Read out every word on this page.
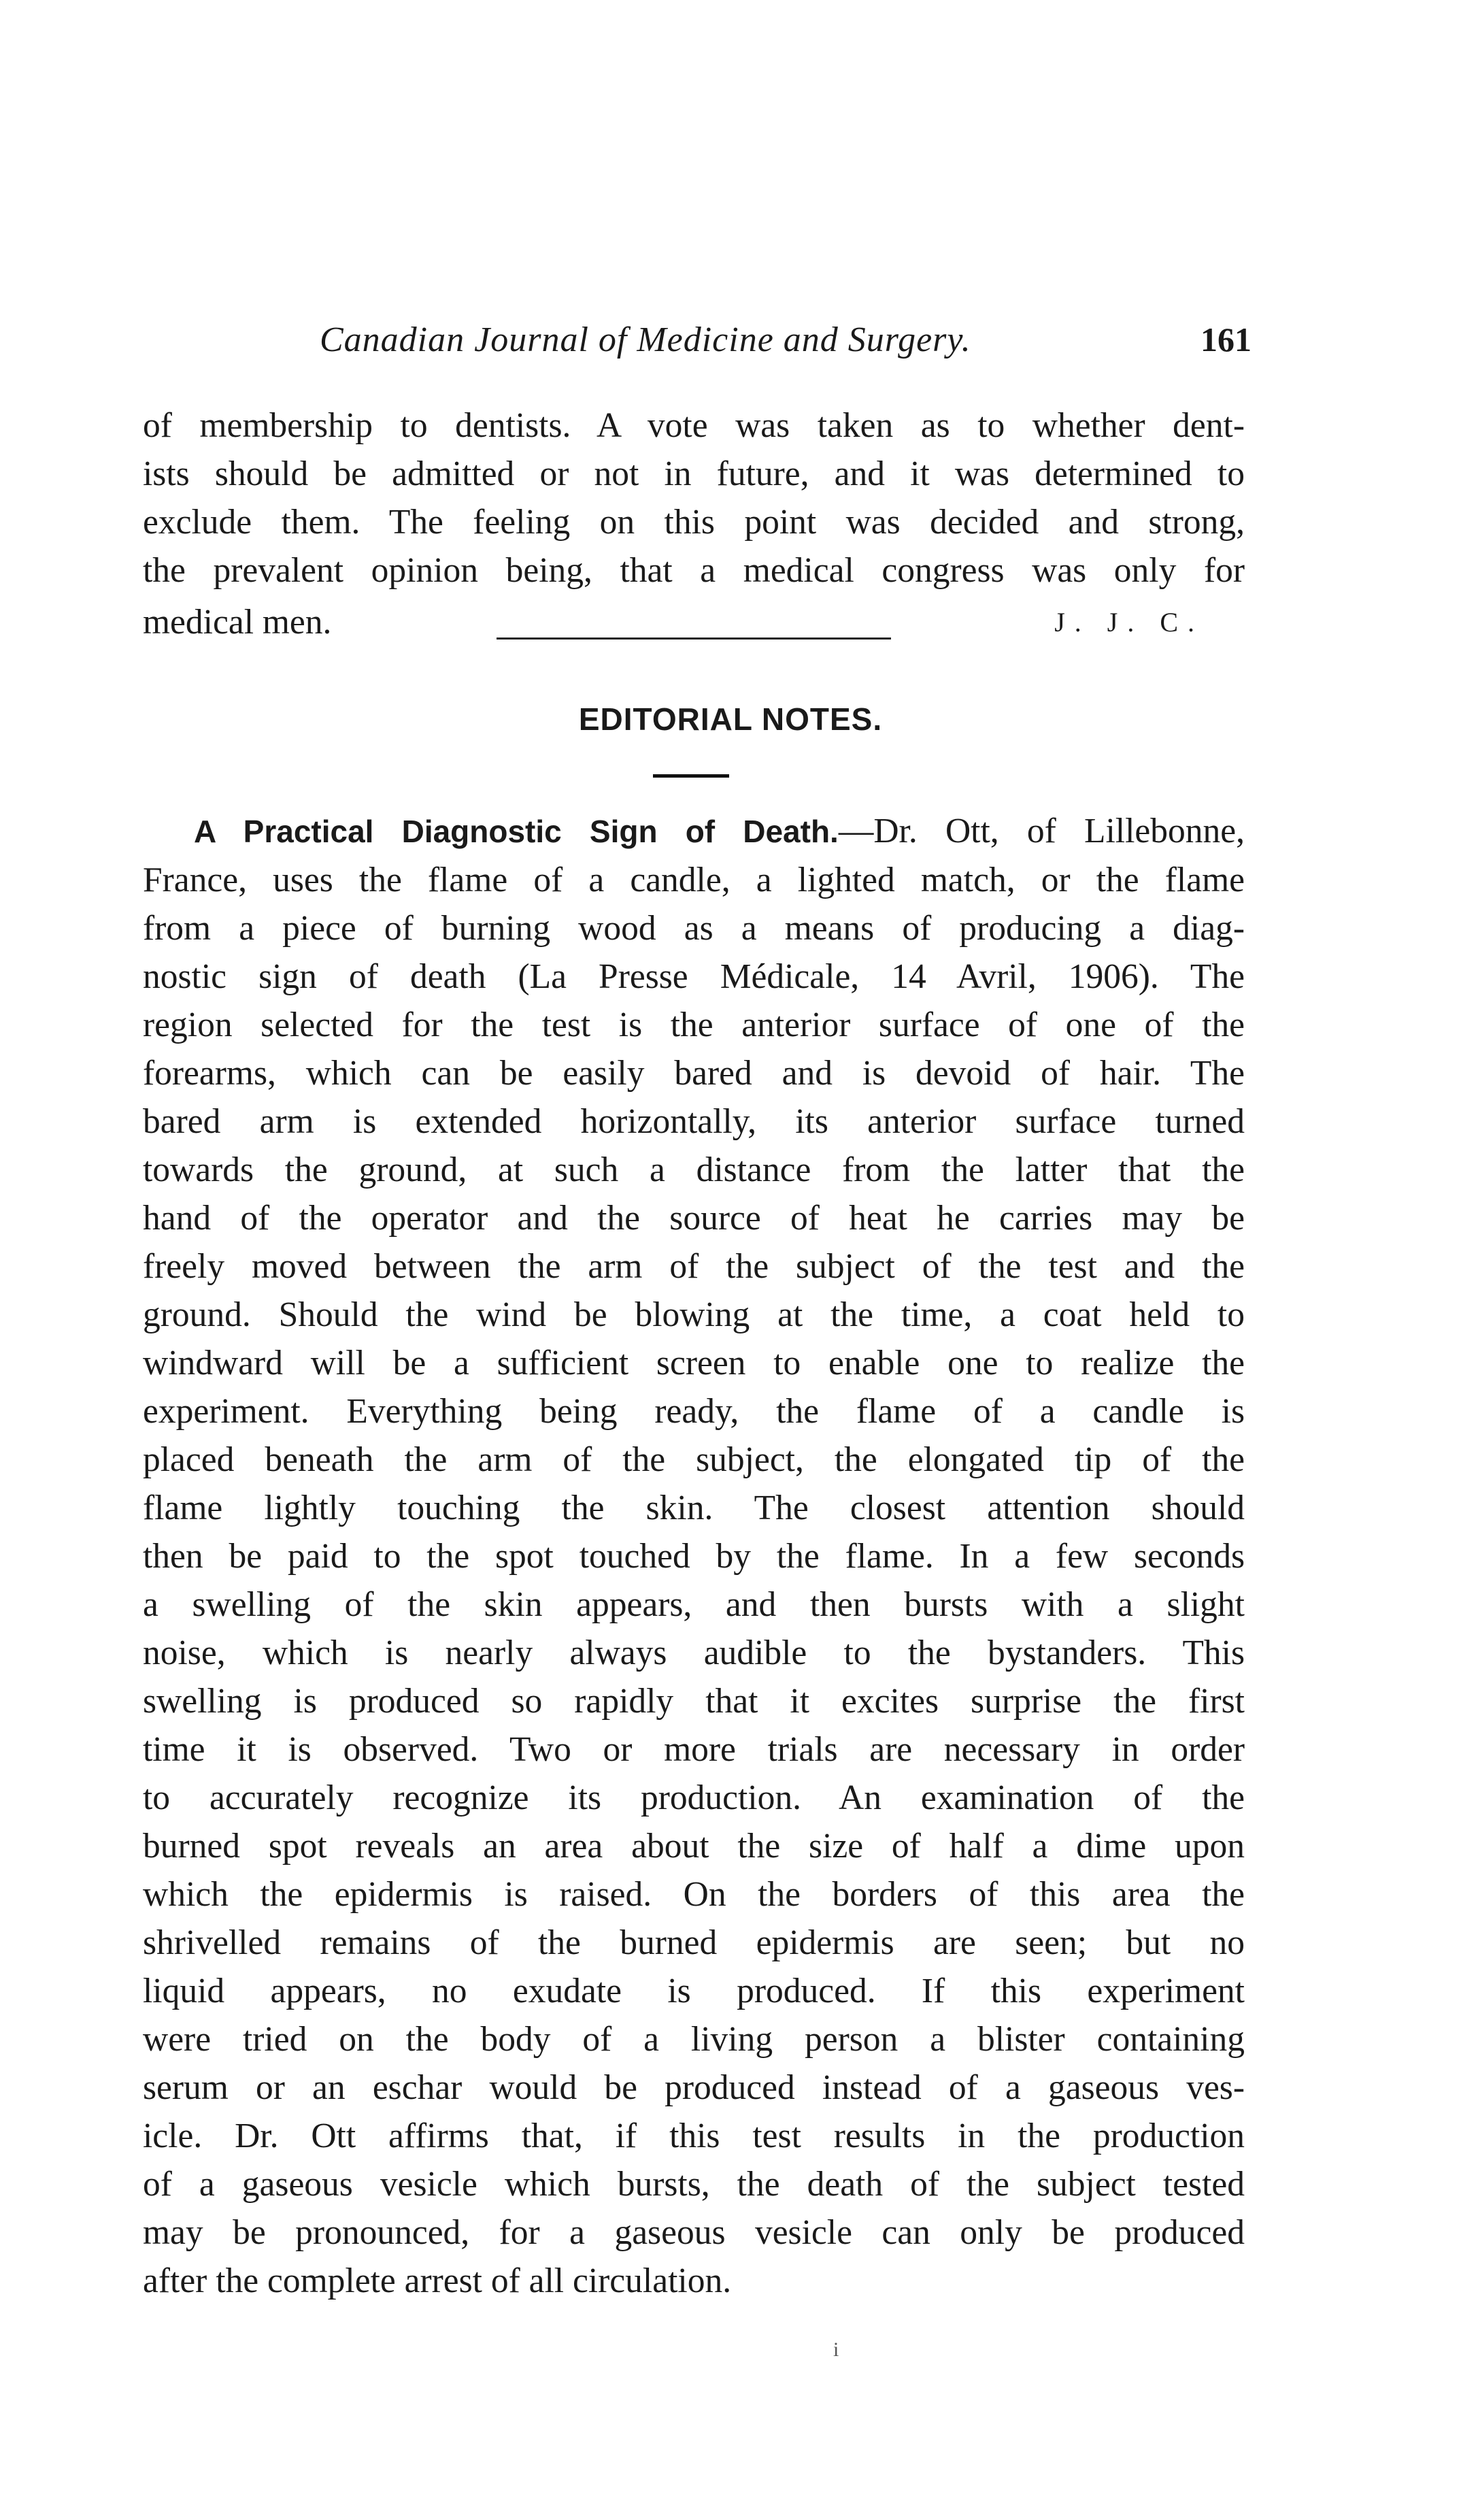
Canadian Journal of Medicine and Surgery.	161
of membership to dentists. A vote was taken as to whether dent-
ists should be admitted or not in future, and it was determined to
exclude them. The feeling on this point was decided and strong,
the prevalent opinion being, that a medical congress was only for
medical men.	J. J. C.
EDITORIAL NOTES.
A Practical Diagnostic Sign of Death.—Dr. Ott, of Lillebonne,
France, uses the flame of a candle, a lighted match, or the flame
from a piece of burning wood as a means of producing a diag-
nostic sign of death (La Presse Médicale, 14 Avril, 1906). The
region selected for the test is the anterior surface of one of the
forearms, which can be easily bared and is devoid of hair. The
bared arm is extended horizontally, its anterior surface turned
towards the ground, at such a distance from the latter that the
hand of the operator and the source of heat he carries may be
freely moved between the arm of the subject of the test and the
ground. Should the wind be blowing at the time, a coat held to
windward will be a sufficient screen to enable one to realize the
experiment. Everything being ready, the flame of a candle is
placed beneath the arm of the subject, the elongated tip of the
flame lightly touching the skin. The closest attention should
then be paid to the spot touched by the flame. In a few seconds
a swelling of the skin appears, and then bursts with a slight
noise, which is nearly always audible to the bystanders. This
swelling is produced so rapidly that it excites surprise the first
time it is observed. Two or more trials are necessary in order
to accurately recognize its production. An examination of the
burned spot reveals an area about the size of half a dime upon
which the epidermis is raised. On the borders of this area the
shrivelled remains of the burned epidermis are seen; but no
liquid appears, no exudate is produced. If this experiment
were tried on the body of a living person a blister containing
serum or an eschar would be produced instead of a gaseous ves-
icle. Dr. Ott affirms that, if this test results in the production
of a gaseous vesicle which bursts, the death of the subject tested
may be pronounced, for a gaseous vesicle can only be produced
after the complete arrest of all circulation.
i
